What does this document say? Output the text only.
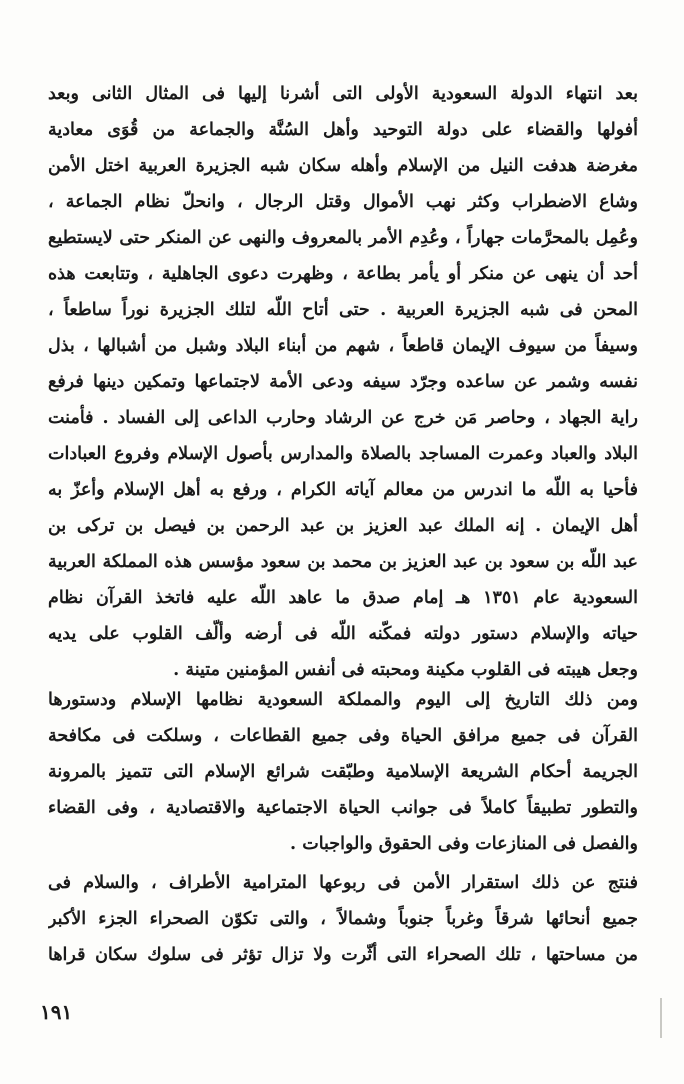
بعد انتهاء الدولة السعودية الأولى التى أشرنا إليها فى المثال الثانى وبعد
أفولها والقضاء على دولة التوحيد وأهل السُنَّة والجماعة من قُوَى معادية
مغرضة هدفت النيل من الإسلام وأهله سكان شبه الجزيرة العربية اختل الأمن
وشاع الاضطراب وكثر نهب الأموال وقتل الرجال ، وانحلّ نظام الجماعة ،
وعُمِل بالمحرَّمات جهاراً ، وعُدِم الأمر بالمعروف والنهى عن المنكر حتى لايستطيع
أحد أن ينهى عن منكر أو يأمر بطاعة ، وظهرت دعوى الجاهلية ، وتتابعت هذه
المحن فى شبه الجزيرة العربية . حتى أتاح اللّه لتلك الجزيرة نوراً ساطعاً ،
وسيفاً من سيوف الإيمان قاطعاً ، شهم من أبناء البلاد وشبل من أشبالها ، بذل
نفسه وشمر عن ساعده وجرّد سيفه ودعى الأمة لاجتماعها وتمكين دينها فرفع
راية الجهاد ، وحاصر مَن خرج عن الرشاد وحارب الداعى إلى الفساد . فأمنت
البلاد والعباد وعمرت المساجد بالصلاة والمدارس بأصول الإسلام وفروع العبادات
فأحيا به اللّه ما اندرس من معالم آياته الكرام ، ورفع به أهل الإسلام وأعزّ به
أهل الإيمان . إنه الملك عبد العزيز بن عبد الرحمن بن فيصل بن تركى بن
عبد اللّه بن سعود بن عبد العزيز بن محمد بن سعود مؤسس هذه المملكة العربية
السعودية عام ١٣٥١ هـ إمام صدق ما عاهد اللّه عليه فاتخذ القرآن نظام
حياته والإسلام دستور دولته فمكّنه اللّه فى أرضه وألّف القلوب على يديه
وجعل هيبته فى القلوب مكينة ومحبته فى أنفس المؤمنين متينة .
ومن ذلك التاريخ إلى اليوم والمملكة السعودية نظامها الإسلام ودستورها
القرآن فى جميع مرافق الحياة وفى جميع القطاعات ، وسلكت فى مكافحة
الجريمة أحكام الشريعة الإسلامية وطبّقت شرائع الإسلام التى تتميز بالمرونة
والتطور تطبيقاً كاملاً فى جوانب الحياة الاجتماعية والاقتصادية ، وفى القضاء
والفصل فى المنازعات وفى الحقوق والواجبات .
فنتج عن ذلك استقرار الأمن فى ربوعها المترامية الأطراف ، والسلام فى
جميع أنحائها شرقاً وغرباً جنوباً وشمالاً ، والتى تكوّن الصحراء الجزء الأكبر
من مساحتها ، تلك الصحراء التى أثّرت ولا تزال تؤثر فى سلوك سكان قراها
١٩١
